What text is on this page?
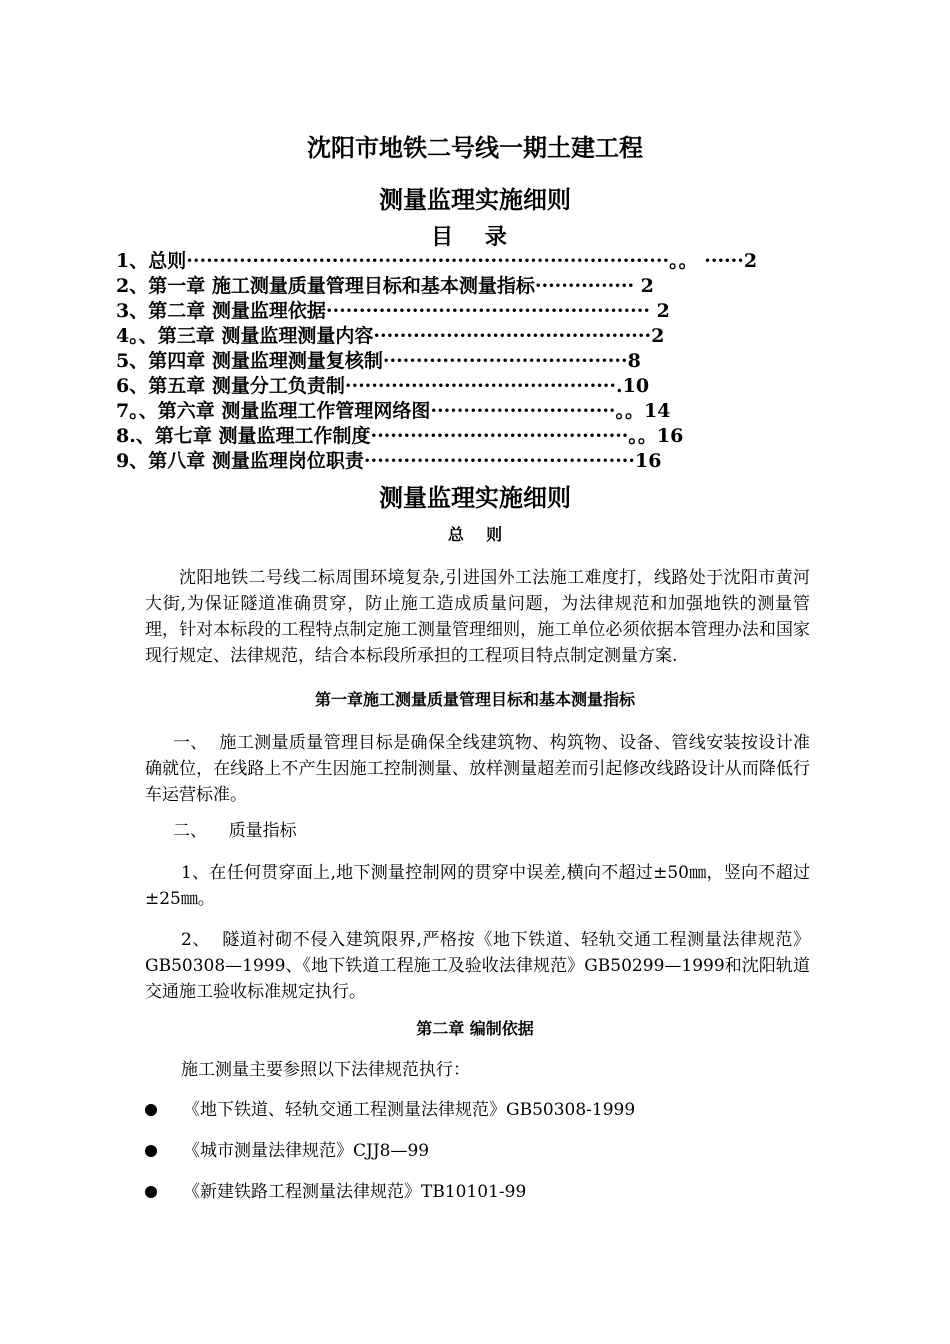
沈阳市地铁二号线一期土建工程
测量监理实施细则
目 录
1、总则·········································································。。 ······2
2、第一章 施工测量质量管理目标和基本测量指标··············· 2
3、第二章 测量监理依据················································· 2
4。、第三章 测量监理测量内容··········································2
5、第四章 测量监理测量复核制·····································8
6、第五章 测量分工负责制·········································.10
7。、第六章 测量监理工作管理网络图····························。。14
8.、第七章 测量监理工作制度·······································。。16
9、第八章 测量监理岗位职责·········································16
测量监理实施细则
总    则
沈阳地铁二号线二标周围环境复杂,引进国外工法施工难度打，线路处于沈阳市黄河大街,为保证隧道准确贯穿，防止施工造成质量问题，为法律规范和加强地铁的测量管理，针对本标段的工程特点制定施工测量管理细则，施工单位必须依据本管理办法和国家现行规定、法律规范，结合本标段所承担的工程项目特点制定测量方案.
第一章施工测量质量管理目标和基本测量指标
一、  施工测量质量管理目标是确保全线建筑物、构筑物、设备、管线安装按设计准确就位，在线路上不产生因施工控制测量、放样测量超差而引起修改线路设计从而降低行车运营标准。
二、    质量指标
1、在任何贯穿面上,地下测量控制网的贯穿中误差,横向不超过±50㎜，竖向不超过±25㎜。
2、  隧道衬砌不侵入建筑限界,严格按《地下铁道、轻轨交通工程测量法律规范》GB50308—1999、《地下铁道工程施工及验收法律规范》GB50299—1999和沈阳轨道交通施工验收标准规定执行。
第二章 编制依据
施工测量主要参照以下法律规范执行：
《地下铁道、轻轨交通工程测量法律规范》GB50308-1999
《城市测量法律规范》CJJ8—99
《新建铁路工程测量法律规范》TB10101-99
